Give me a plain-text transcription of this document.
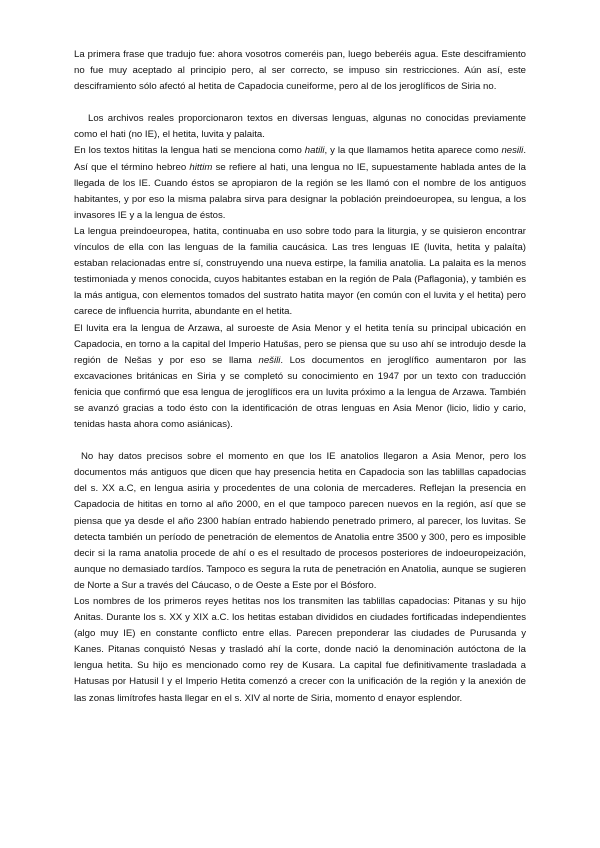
La primera frase que tradujo fue: ahora vosotros comeréis pan, luego beberéis agua. Este desciframiento no fue muy aceptado al principio pero, al ser correcto, se impuso sin restricciones. Aún así, este desciframiento sólo afectó al hetita de Capadocia cuneiforme, pero al de los jeroglíficos de Siria no.

Los archivos reales proporcionaron textos en diversas lenguas, algunas no conocidas previamente como el hati (no IE), el hetita, luvita y palaita.

En los textos hititas la lengua hati se menciona como hatili, y la que llamamos hetita aparece como nesili. Así que el término hebreo hittim se refiere al hati, una lengua no IE, supuestamente hablada antes de la llegada de los IE. Cuando éstos se apropiaron de la región se les llamó con el nombre de los antiguos habitantes, y por eso la misma palabra sirva para designar la población preindoeuropea, su lengua, a los invasores IE y a la lengua de éstos.

La lengua preindoeuropea, hatita, continuaba en uso sobre todo para la liturgia, y se quisieron encontrar vínculos de ella con las lenguas de la familia caucásica. Las tres lenguas IE (luvita, hetita y palaíta) estaban relacionadas entre sí, construyendo una nueva estirpe, la familia anatolia. La palaita es la menos testimoniada y menos conocida, cuyos habitantes estaban en la región de Pala (Paflagonia), y también es la más antigua, con elementos tomados del sustrato hatita mayor (en común con el luvita y el hetita) pero carece de influencia hurrita, abundante en el hetita.

El luvita era la lengua de Arzawa, al suroeste de Asia Menor y el hetita tenía su principal ubicación en Capadocia, en torno a la capital del Imperio Hatušas, pero se piensa que su uso ahí se introdujo desde la región de Nešas y por eso se llama nešili. Los documentos en jeroglífico aumentaron por las excavaciones británicas en Siria y se completó su conocimiento en 1947 por un texto con traducción fenicia que confirmó que esa lengua de jeroglíficos era un luvita próximo a la lengua de Arzawa. También se avanzó gracias a todo ésto con la identificación de otras lenguas en Asia Menor (licio, lidio y cario, tenidas hasta ahora como asiánicas).

No hay datos precisos sobre el momento en que los IE anatolios llegaron a Asia Menor, pero los documentos más antiguos que dicen que hay presencia hetita en Capadocia son las tablillas capadocias del s. XX a.C, en lengua asiria y procedentes de una colonia de mercaderes. Reflejan la presencia en Capadocia de hititas en torno al año 2000, en el que tampoco parecen nuevos en la región, así que se piensa que ya desde el año 2300 habían entrado habiendo penetrado primero, al parecer, los luvitas. Se detecta también un período de penetración de elementos de Anatolia entre 3500 y 300, pero es imposible decir si la rama anatolia procede de ahí o es el resultado de procesos posteriores de indoeuropeización, aunque no demasiado tardíos. Tampoco es segura la ruta de penetración en Anatolia, aunque se sugieren de Norte a Sur a través del Cáucaso, o de Oeste a Este por el Bósforo.

Los nombres de los primeros reyes hetitas nos los transmiten las tablillas capadocias: Pitanas y su hijo Anitas. Durante los s. XX y XIX a.C. los hetitas estaban divididos en ciudades fortificadas independientes (algo muy IE) en constante conflicto entre ellas. Parecen preponderar las ciudades de Purusanda y Kanes. Pitanas conquistó Nesas y trasladó ahí la corte, donde nació la denominación autóctona de la lengua hetita. Su hijo es mencionado como rey de Kusara. La capital fue definitivamente trasladada a Hatusas por Hatusil I y el Imperio Hetita comenzó a crecer con la unificación de la región y la anexión de las zonas limítrofes hasta llegar en el s. XIV al norte de Siria, momento d enayor esplendor.
